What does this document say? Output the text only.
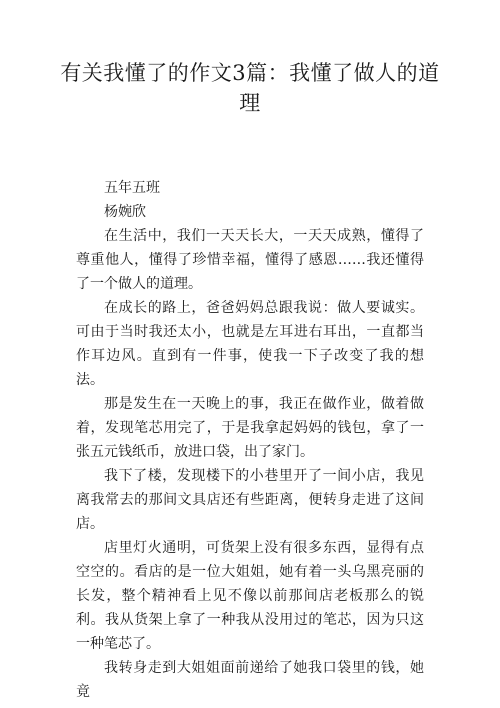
有关我懂了的作文3篇：我懂了做人的道理

五年五班

杨婉欣

在生活中，我们一天天长大，一天天成熟，懂得了尊重他人，懂得了珍惜幸福，懂得了感恩……我还懂得了一个做人的道理。

在成长的路上，爸爸妈妈总跟我说：做人要诚实。可由于当时我还太小，也就是左耳进右耳出，一直都当作耳边风。直到有一件事，使我一下子改变了我的想法。

那是发生在一天晚上的事，我正在做作业，做着做着，发现笔芯用完了，于是我拿起妈妈的钱包，拿了一张五元钱纸币，放进口袋，出了家门。

我下了楼，发现楼下的小巷里开了一间小店，我见离我常去的那间文具店还有些距离，便转身走进了这间店。

店里灯火通明，可货架上没有很多东西，显得有点空空的。看店的是一位大姐姐，她有着一头乌黑亮丽的长发，整个精神看上见不像以前那间店老板那么的锐利。我从货架上拿了一种我从没用过的笔芯，因为只这一种笔芯了。

我转身走到大姐姐面前递给了她我口袋里的钱，她竟
